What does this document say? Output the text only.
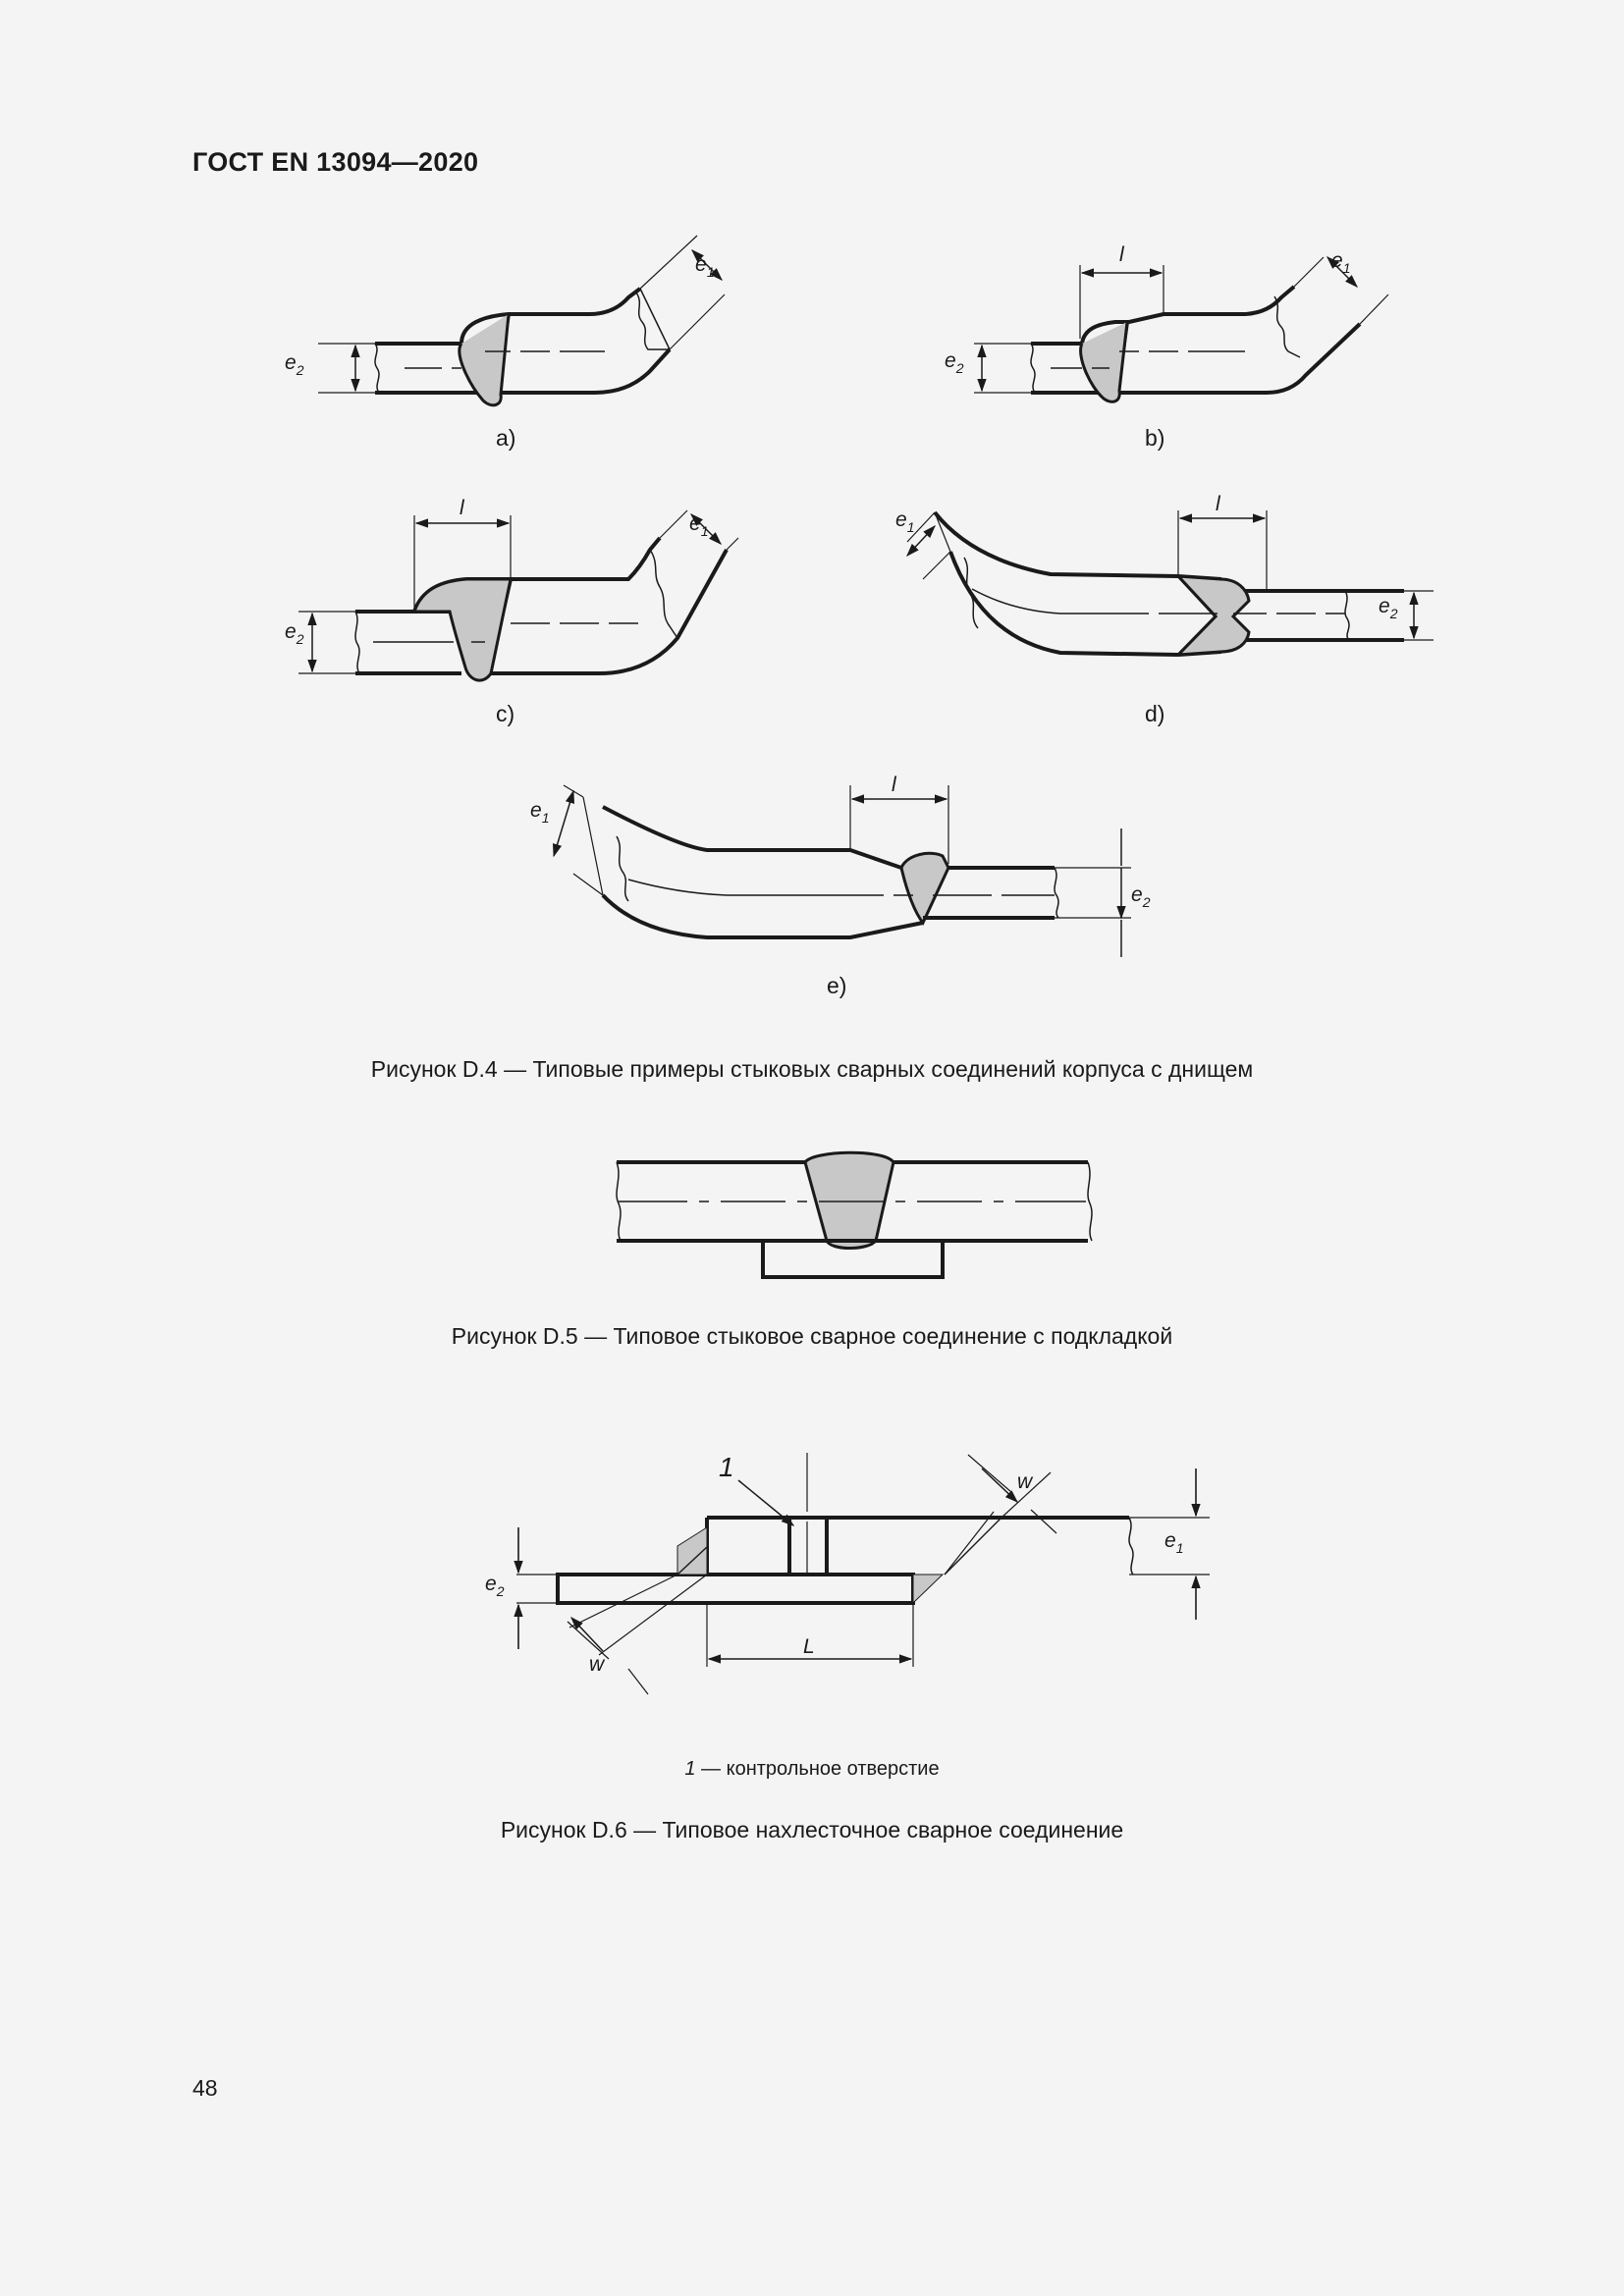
ГОСТ EN 13094—2020
$e_1$
$e_2$
a)
l	$e_1$
$e_2$
b)
l
$e_1$
$e_2$
c)
l
$e_1$
$e_2$
d)
l
$e_1$
$e_2$
e)
1	w
w
$e_1$
$e_2$
L
Рисунок D.4 — Типовые примеры стыковых сварных соединений корпуса с днищем
Рисунок D.5 — Типовое стыковое сварное соединение с подкладкой
1 — контрольное отверстие
Рисунок D.6 — Типовое нахлесточное сварное соединение
48
